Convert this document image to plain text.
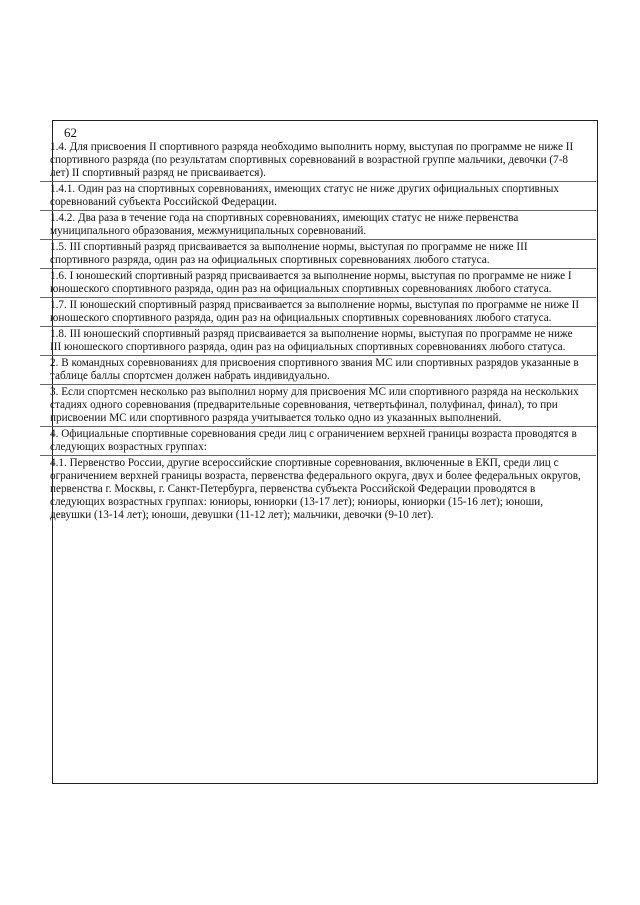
62

1.4. Для присвоения II спортивного разряда необходимо выполнить норму, выступая по программе не ниже II спортивного разряда (по результатам спортивных соревнований в возрастной группе мальчики, девочки (7-8 лет) II спортивный разряд не присваивается).

1.4.1. Один раз на спортивных соревнованиях, имеющих статус не ниже других официальных спортивных соревнований субъекта Российской Федерации.

1.4.2. Два раза в течение года на спортивных соревнованиях, имеющих статус не ниже первенства муниципального образования, межмуниципальных соревнований.

1.5. III спортивный разряд присваивается за выполнение нормы, выступая по программе не ниже III спортивного разряда, один раз на официальных спортивных соревнованиях любого статуса.

1.6. I юношеский спортивный разряд присваивается за выполнение нормы, выступая по программе не ниже I юношеского спортивного разряда, один раз на официальных спортивных соревнованиях любого статуса.

1.7. II юношеский спортивный разряд присваивается за выполнение нормы, выступая по программе не ниже II юношеского спортивного разряда, один раз на официальных спортивных соревнованиях любого статуса.

1.8. III юношеский спортивный разряд присваивается за выполнение нормы, выступая по программе не ниже III юношеского спортивного разряда, один раз на официальных спортивных соревнованиях любого статуса.

2. В командных соревнованиях для присвоения спортивного звания МС или спортивных разрядов указанные в таблице баллы спортсмен должен набрать индивидуально.

3. Если спортсмен несколько раз выполнил норму для присвоения МС или спортивного разряда на нескольких стадиях одного соревнования (предварительные соревнования, четвертьфинал, полуфинал, финал), то при присвоении МС или спортивного разряда учитывается только одно из указанных выполнений.

4. Официальные спортивные соревнования среди лиц с ограничением верхней границы возраста проводятся в следующих возрастных группах:

4.1. Первенство России, другие всероссийские спортивные соревнования, включенные в ЕКП, среди лиц с ограничением верхней границы возраста, первенства федерального округа, двух и более федеральных округов, первенства г. Москвы, г. Санкт-Петербурга, первенства субъекта Российской Федерации проводятся в следующих возрастных группах: юниоры, юниорки (13-17 лет); юниоры, юниорки (15-16 лет); юноши, девушки (13-14 лет); юноши, девушки (11-12 лет); мальчики, девочки (9-10 лет).
